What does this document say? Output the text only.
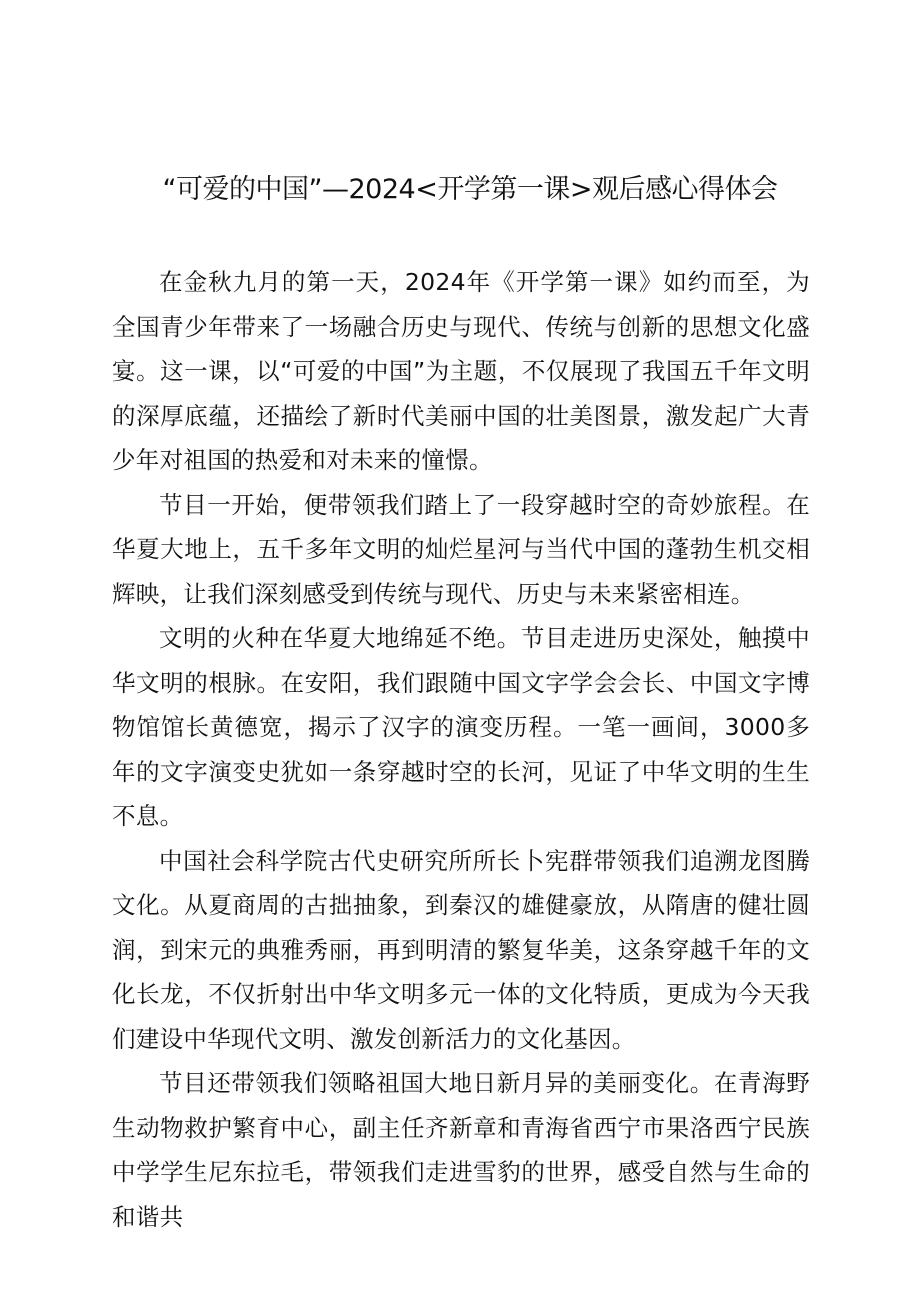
“可爱的中国”—2024<开学第一课>观后感心得体会

在金秋九月的第一天，2024年《开学第一课》如约而至，为全国青少年带来了一场融合历史与现代、传统与创新的思想文化盛宴。这一课，以“可爱的中国”为主题，不仅展现了我国五千年文明的深厚底蕴，还描绘了新时代美丽中国的壮美图景，激发起广大青少年对祖国的热爱和对未来的憧憬。

节目一开始，便带领我们踏上了一段穿越时空的奇妙旅程。在华夏大地上，五千多年文明的灿烂星河与当代中国的蓬勃生机交相辉映，让我们深刻感受到传统与现代、历史与未来紧密相连。

文明的火种在华夏大地绵延不绝。节目走进历史深处，触摸中华文明的根脉。在安阳，我们跟随中国文字学会会长、中国文字博物馆馆长黄德宽，揭示了汉字的演变历程。一笔一画间，3000多年的文字演变史犹如一条穿越时空的长河，见证了中华文明的生生不息。

中国社会科学院古代史研究所所长卜宪群带领我们追溯龙图腾文化。从夏商周的古拙抽象，到秦汉的雄健豪放，从隋唐的健壮圆润，到宋元的典雅秀丽，再到明清的繁复华美，这条穿越千年的文化长龙，不仅折射出中华文明多元一体的文化特质，更成为今天我们建设中华现代文明、激发创新活力的文化基因。

节目还带领我们领略祖国大地日新月异的美丽变化。在青海野生动物救护繁育中心，副主任齐新章和青海省西宁市果洛西宁民族中学学生尼东拉毛，带领我们走进雪豹的世界，感受自然与生命的和谐共
